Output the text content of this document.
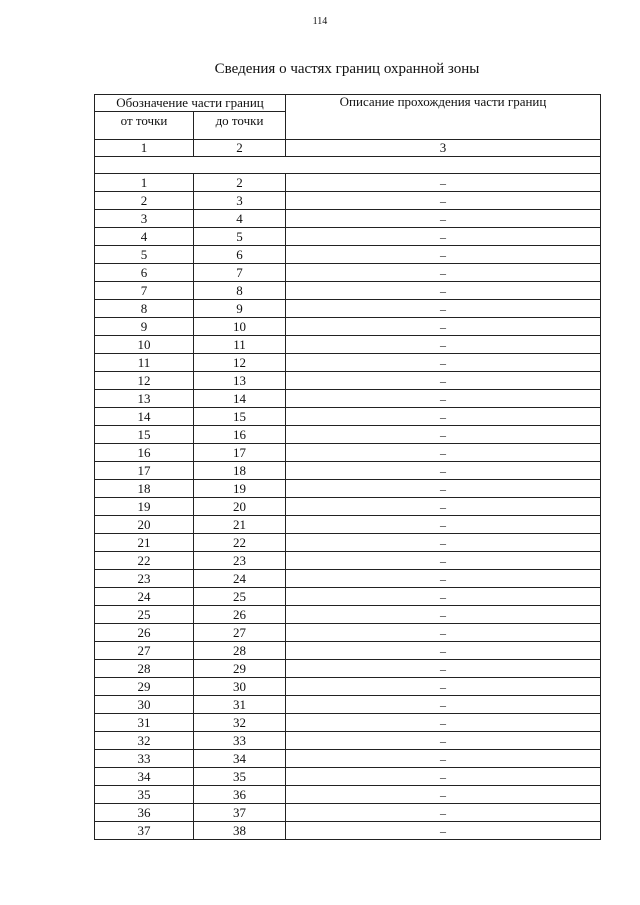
114
Сведения о частях границ охранной зоны
Обозначение части границ		Описание прохождения части границ
от точки	до точки	
1	2	3

1	2	–
2	3	–
3	4	–
4	5	–
5	6	–
6	7	–
7	8	–
8	9	–
9	10	–
10	11	–
11	12	–
12	13	–
13	14	–
14	15	–
15	16	–
16	17	–
17	18	–
18	19	–
19	20	–
20	21	–
21	22	–
22	23	–
23	24	–
24	25	–
25	26	–
26	27	–
27	28	–
28	29	–
29	30	–
30	31	–
31	32	–
32	33	–
33	34	–
34	35	–
35	36	–
36	37	–
37	38	–
